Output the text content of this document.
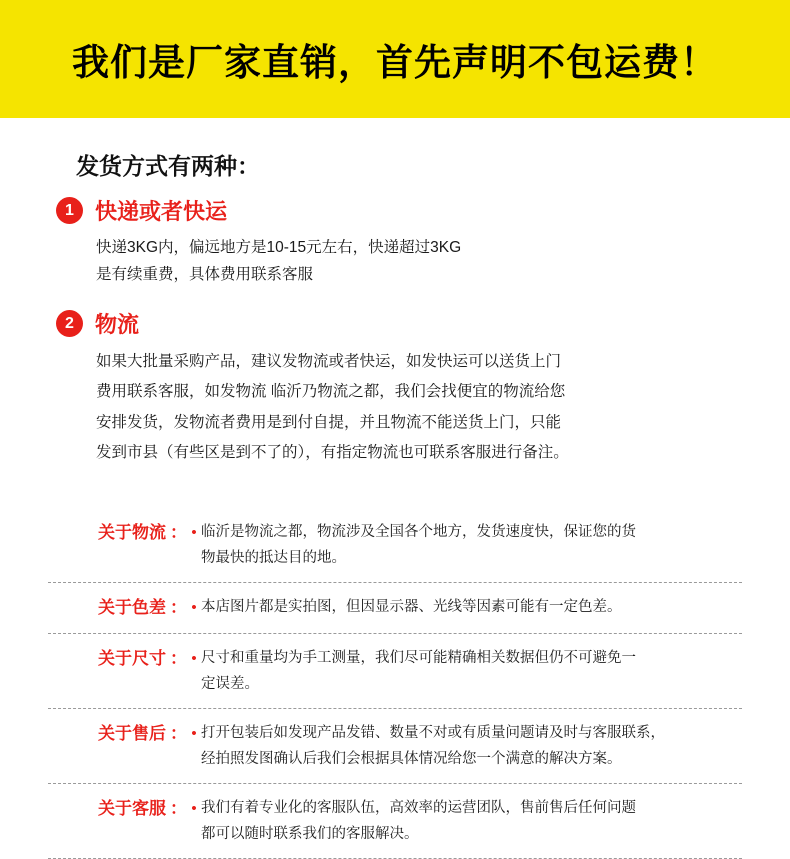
我们是厂家直销，首先声明不包运费！
发货方式有两种：
1 快递或者快运
快递3KG内，偏远地方是10-15元左右，快递超过3KG
是有续重费，具体费用联系客服
2 物流
如果大批量采购产品，建议发物流或者快运，如发快运可以送货上门
费用联系客服，如发物流 临沂乃物流之都，我们会找便宜的物流给您
安排发货，发物流者费用是到付自提，并且物流不能送货上门，只能
发到市县（有些区是到不了的），有指定物流也可联系客服进行备注。
关于物流 ： • 临沂是物流之都，物流涉及全国各个地方，发货速度快，保证您的货
物最快的抵达目的地。
关于色差 ： • 本店图片都是实拍图，但因显示器、光线等因素可能有一定色差。
关于尺寸 ： • 尺寸和重量均为手工测量，我们尽可能精确相关数据但仍不可避免一
定误差。
关于售后 ： • 打开包装后如发现产品发错、数量不对或有质量问题请及时与客服联系，
经拍照发图确认后我们会根据具体情况给您一个满意的解决方案。
关于客服 ： • 我们有着专业化的客服队伍，高效率的运营团队，售前售后任何问题
都可以随时联系我们的客服解决。
